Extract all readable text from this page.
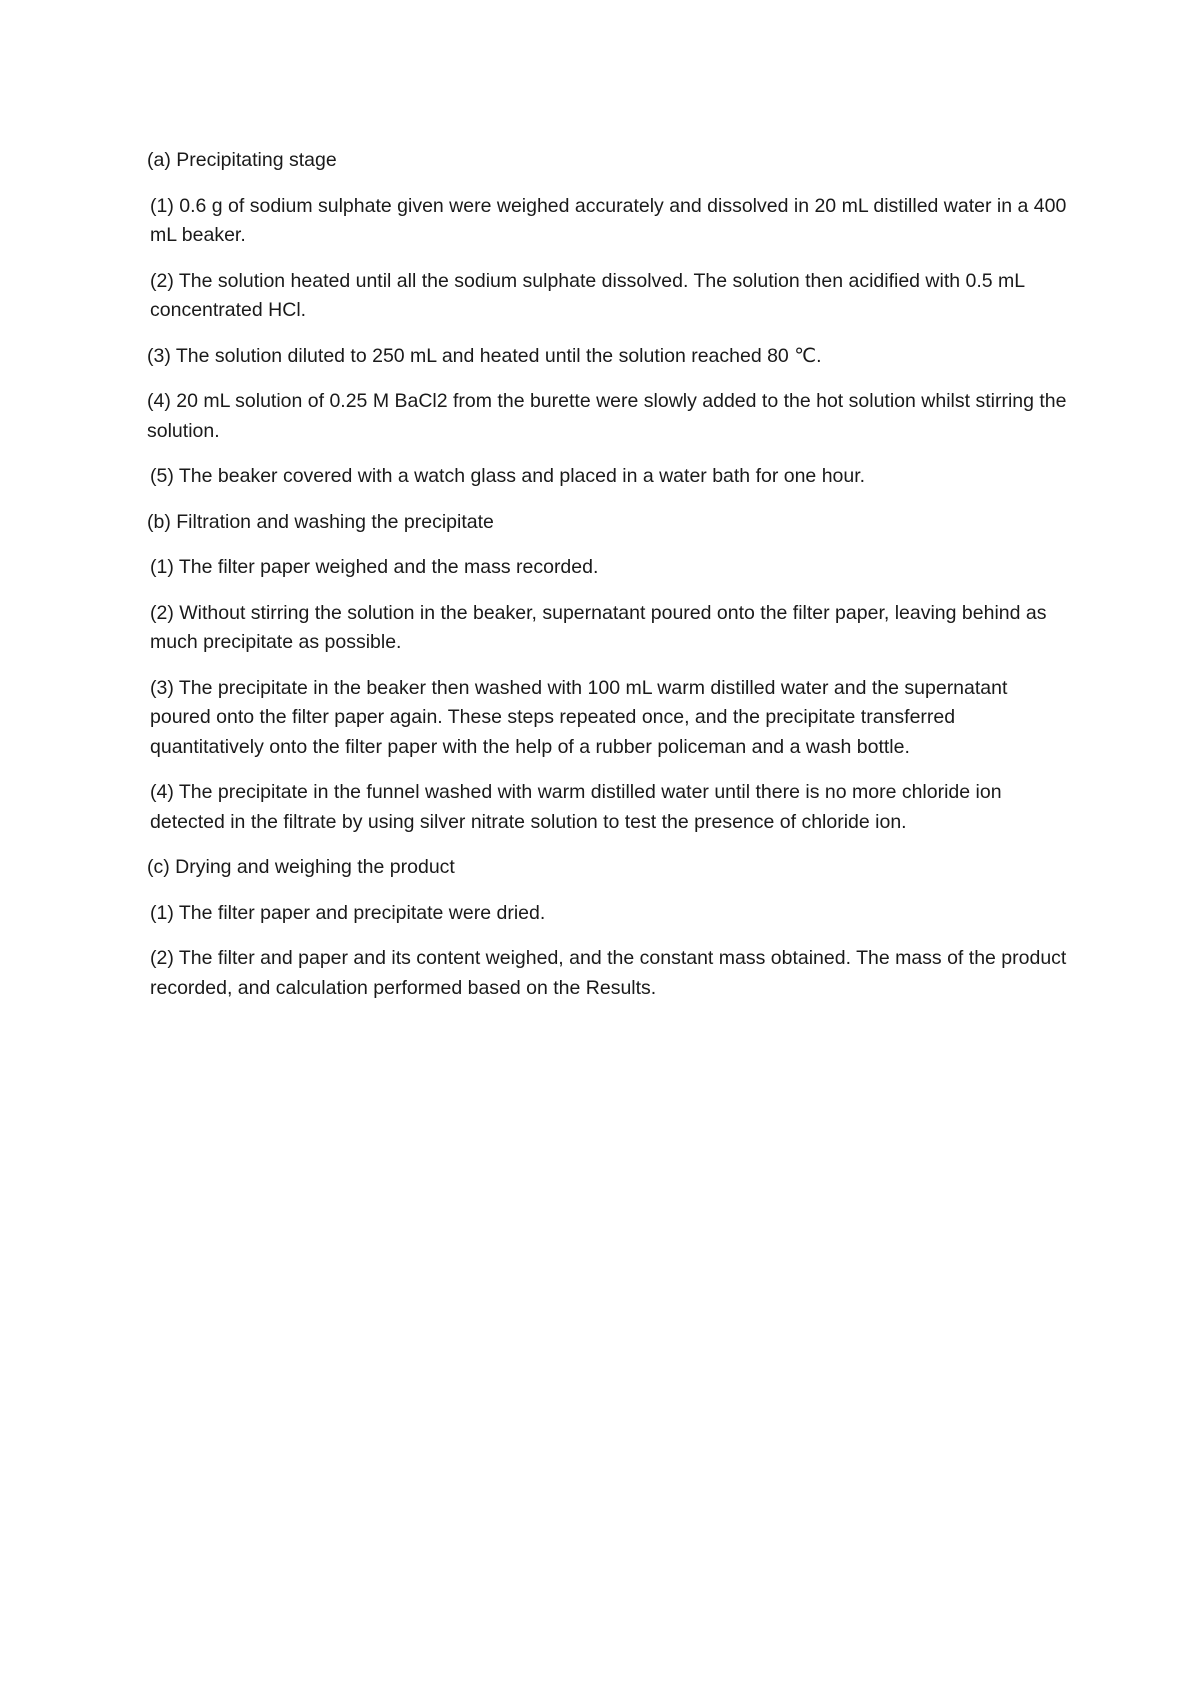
(a) Precipitating stage

(1) 0.6 g of sodium sulphate given were weighed accurately and dissolved in 20 mL distilled water in a 400 mL beaker.

(2) The solution heated until all the sodium sulphate dissolved. The solution then acidified with 0.5 mL concentrated HCl.

(3) The solution diluted to 250 mL and heated until the solution reached 80 ℃.

(4) 20 mL solution of 0.25 M BaCl2 from the burette were slowly added to the hot solution whilst stirring the solution.

(5) The beaker covered with a watch glass and placed in a water bath for one hour.

(b) Filtration and washing the precipitate

(1) The filter paper weighed and the mass recorded.

(2) Without stirring the solution in the beaker, supernatant poured onto the filter paper, leaving behind as much precipitate as possible.

(3) The precipitate in the beaker then washed with 100 mL warm distilled water and the supernatant poured onto the filter paper again. These steps repeated once, and the precipitate transferred quantitatively onto the filter paper with the help of a rubber policeman and a wash bottle.

(4) The precipitate in the funnel washed with warm distilled water until there is no more chloride ion detected in the filtrate by using silver nitrate solution to test the presence of chloride ion.

(c) Drying and weighing the product

(1) The filter paper and precipitate were dried.

(2) The filter and paper and its content weighed, and the constant mass obtained. The mass of the product recorded, and calculation performed based on the Results.
